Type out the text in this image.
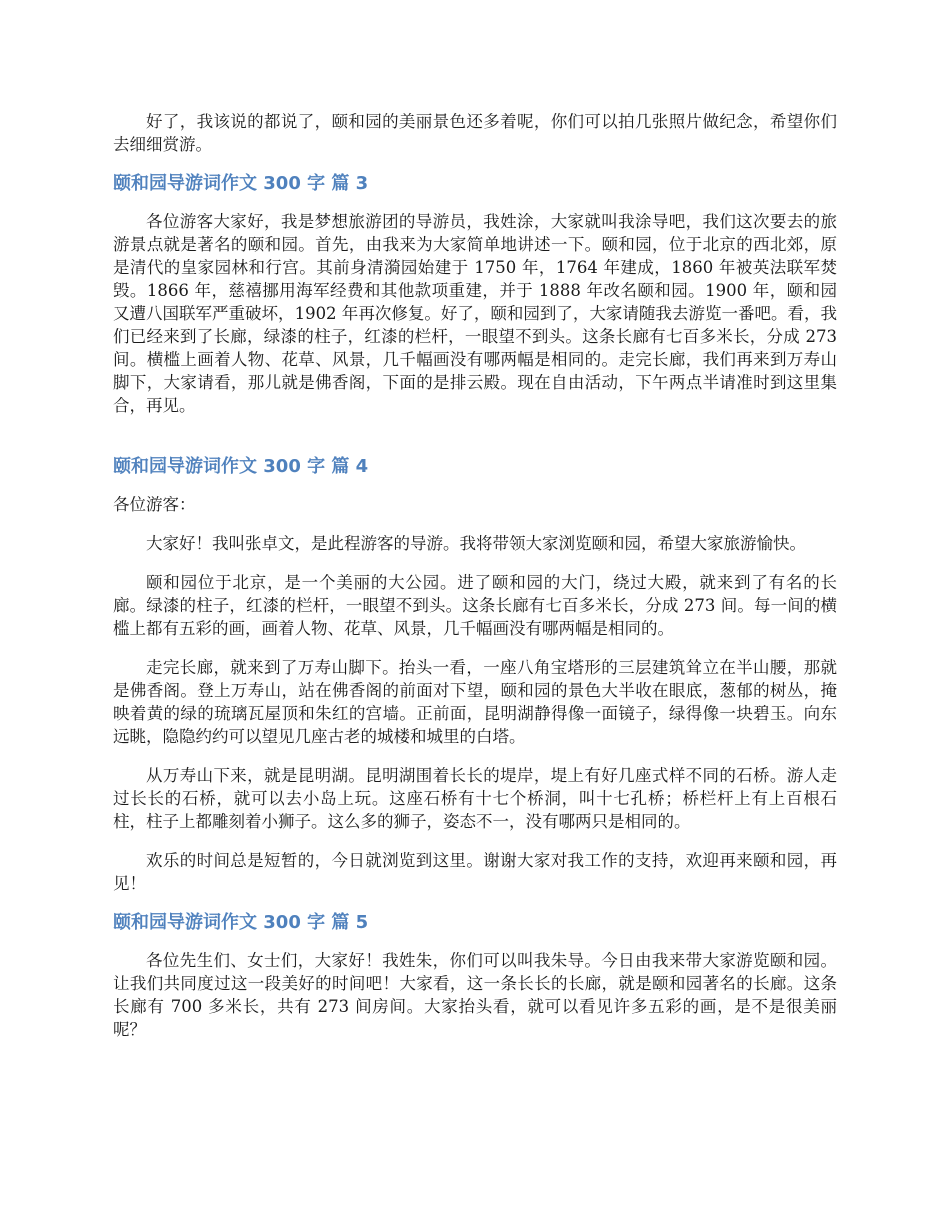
好了，我该说的都说了，颐和园的美丽景色还多着呢，你们可以拍几张照片做纪念，希望你们去细细赏游。

颐和园导游词作文 300 字 篇 3

各位游客大家好，我是梦想旅游团的导游员，我姓涂，大家就叫我涂导吧，我们这次要去的旅游景点就是著名的颐和园。首先，由我来为大家简单地讲述一下。颐和园，位于北京的西北郊，原是清代的皇家园林和行宫。其前身清漪园始建于 1750 年，1764 年建成，1860 年被英法联军焚毁。1866 年，慈禧挪用海军经费和其他款项重建，并于 1888 年改名颐和园。1900 年，颐和园又遭八国联军严重破坏，1902 年再次修复。好了，颐和园到了，大家请随我去游览一番吧。看，我们已经来到了长廊，绿漆的柱子，红漆的栏杆，一眼望不到头。这条长廊有七百多米长，分成 273 间。横槛上画着人物、花草、风景，几千幅画没有哪两幅是相同的。走完长廊，我们再来到万寿山脚下，大家请看，那儿就是佛香阁，下面的是排云殿。现在自由活动，下午两点半请准时到这里集合，再见。

颐和园导游词作文 300 字 篇 4

各位游客：

大家好！我叫张卓文，是此程游客的导游。我将带领大家浏览颐和园，希望大家旅游愉快。

颐和园位于北京，是一个美丽的大公园。进了颐和园的大门，绕过大殿，就来到了有名的长廊。绿漆的柱子，红漆的栏杆，一眼望不到头。这条长廊有七百多米长，分成 273 间。每一间的横槛上都有五彩的画，画着人物、花草、风景，几千幅画没有哪两幅是相同的。

走完长廊，就来到了万寿山脚下。抬头一看，一座八角宝塔形的三层建筑耸立在半山腰，那就是佛香阁。登上万寿山，站在佛香阁的前面对下望，颐和园的景色大半收在眼底，葱郁的树丛，掩映着黄的绿的琉璃瓦屋顶和朱红的宫墙。正前面，昆明湖静得像一面镜子，绿得像一块碧玉。向东远眺，隐隐约约可以望见几座古老的城楼和城里的白塔。

从万寿山下来，就是昆明湖。昆明湖围着长长的堤岸，堤上有好几座式样不同的石桥。游人走过长长的石桥，就可以去小岛上玩。这座石桥有十七个桥洞，叫十七孔桥；桥栏杆上有上百根石柱，柱子上都雕刻着小狮子。这么多的狮子，姿态不一，没有哪两只是相同的。

欢乐的时间总是短暂的，今日就浏览到这里。谢谢大家对我工作的支持，欢迎再来颐和园，再见！

颐和园导游词作文 300 字 篇 5

各位先生们、女士们，大家好！我姓朱，你们可以叫我朱导。今日由我来带大家游览颐和园。让我们共同度过这一段美好的时间吧！大家看，这一条长长的长廊，就是颐和园著名的长廊。这条长廊有 700 多米长，共有 273 间房间。大家抬头看，就可以看见许多五彩的画，是不是很美丽呢？
